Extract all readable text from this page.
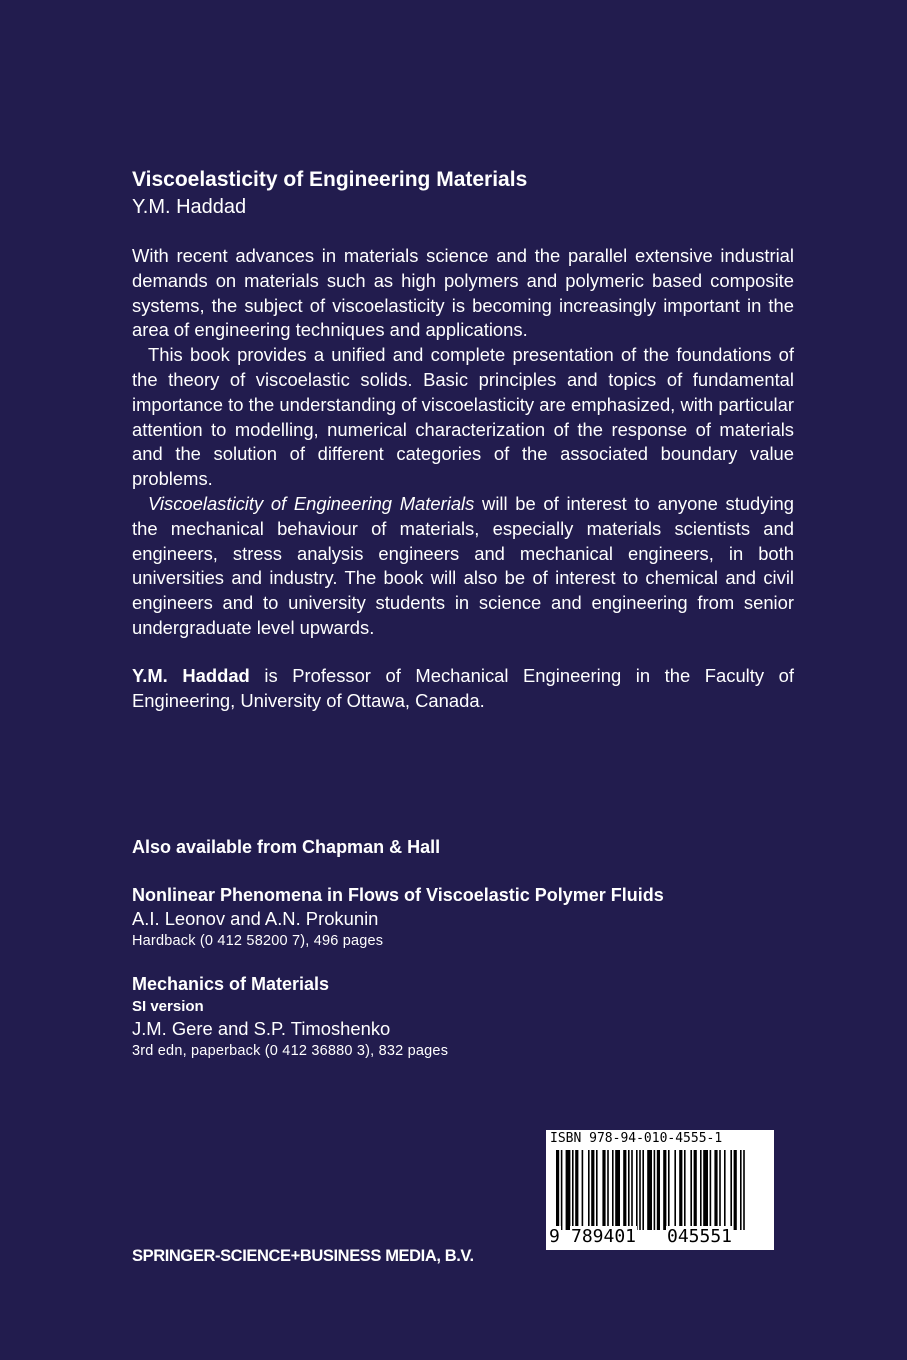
Viscoelasticity of Engineering Materials

Y.M. Haddad

With recent advances in materials science and the parallel extensive industrial demands on materials such as high polymers and polymeric based composite systems, the subject of viscoelasticity is becoming increasingly important in the area of engineering techniques and applications.

This book provides a unified and complete presentation of the foundations of the theory of viscoelastic solids. Basic principles and topics of fundamental importance to the understanding of viscoelasticity are emphasized, with particular attention to modelling, numerical characterization of the response of materials and the solution of different categories of the associated boundary value problems.

Viscoelasticity of Engineering Materials will be of interest to anyone studying the mechanical behaviour of materials, especially materials scientists and engineers, stress analysis engineers and mechanical engineers, in both universities and industry. The book will also be of interest to chemical and civil engineers and to university students in science and engineering from senior undergraduate level upwards.

Y.M. Haddad is Professor of Mechanical Engineering in the Faculty of Engineering, University of Ottawa, Canada.
Also available from Chapman & Hall
Nonlinear Phenomena in Flows of Viscoelastic Polymer Fluids
A.I. Leonov and A.N. Prokunin
Hardback (0 412 58200 7), 496 pages
Mechanics of Materials
SI version
J.M. Gere and S.P. Timoshenko
3rd edn, paperback (0 412 36880 3), 832 pages
ISBN 978-94-010-4555-1
9 789401 045551
SPRINGER-SCIENCE+BUSINESS MEDIA, B.V.
